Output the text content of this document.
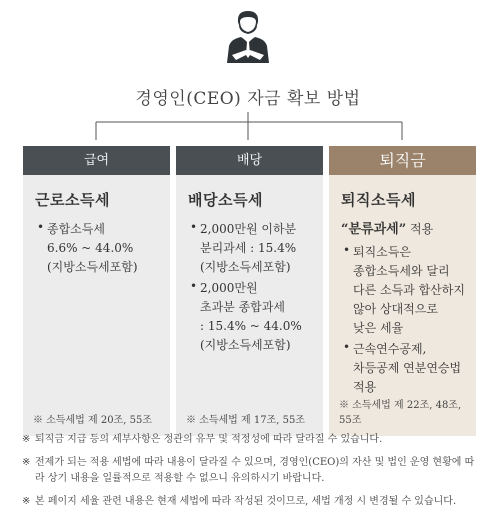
경영인(CEO) 자금 확보 방법
급여
근로소득세
• 종합소득세
6.6% ~ 44.0%
(지방소득세포함)
※ 소득세법 제 20조, 55조
배당
배당소득세
• 2,000만원 이하분
분리과세 : 15.4%
(지방소득세포함)
• 2,000만원
초과분 종합과세
: 15.4% ~ 44.0%
(지방소득세포함)
※ 소득세법 제 17조, 55조
퇴직금
퇴직소득세
“분류과세” 적용
• 퇴직소득은
종합소득세와 달리
다른 소득과 합산하지
않아 상대적으로
낮은 세율
• 근속연수공제,
차등공제 연분연승법
적용
※ 소득세법 제 22조, 48조, 55조
※ 퇴직금 지급 등의 세부사항은 정관의 유무 및 적정성에 따라 달라질 수 있습니다.
※ 전제가 되는 적용 세법에 따라 내용이 달라질 수 있으며, 경영인(CEO)의 자산 및 법인 운영 현황에 따라 상기 내용을 일률적으로 적용할 수 없으니 유의하시기 바랍니다.
※ 본 페이지 세율 관련 내용은 현재 세법에 따라 작성된 것이므로, 세법 개정 시 변경될 수 있습니다.
